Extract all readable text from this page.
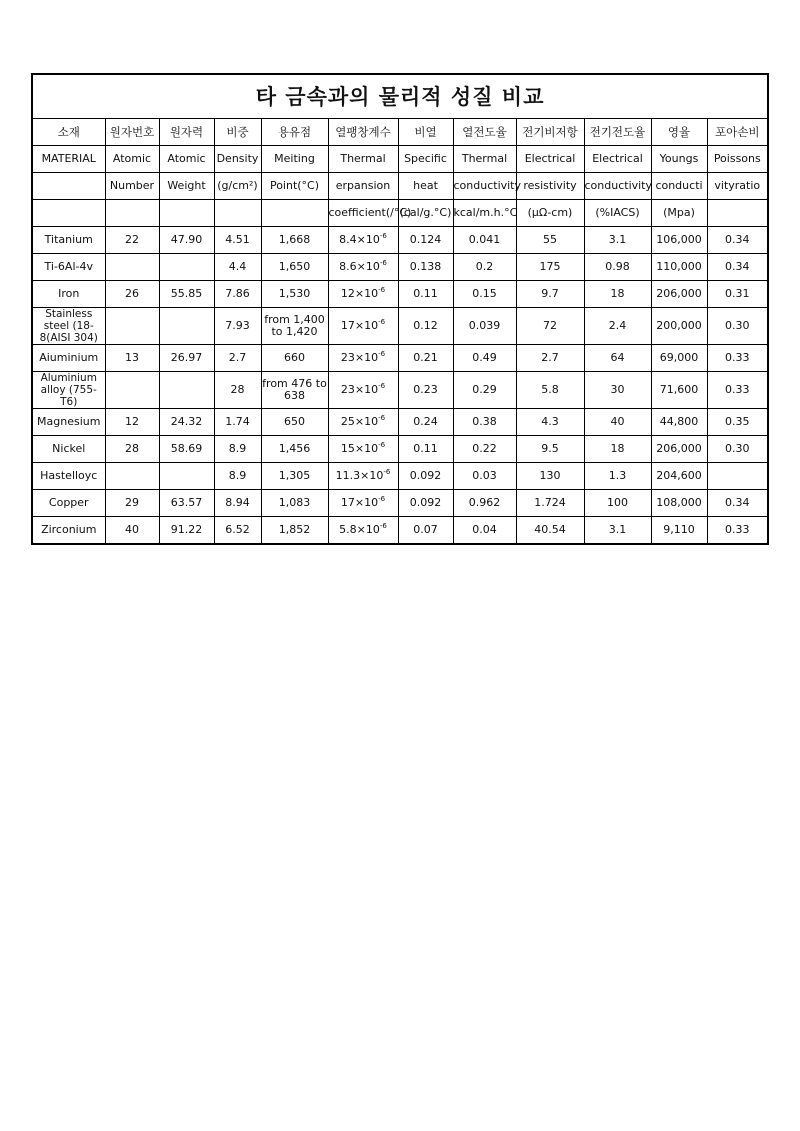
타 금속과의 물리적 성질 비교											
소재	원자번호	원자력	비중	용유점	열팽창계수	비열	열전도율	전기비저항	전기전도율	영율	포아손비
MATERIAL	Atomic	Atomic	Density	Meiting	Thermal	Specific	Thermal	Electrical	Electrical	Youngs	Poissons
	Number	Weight	(g/cm²)	Point(°C)	erpansion	heat	conductivity	resistivity	conductivity	conducti	vityratio
					coefficient(/°C)	(cal/g.°C)	kcal/m.h.°C	(μΩ-cm)	(%IACS)	(Mpa)	
Titanium	22	47.90	4.51	1,668	$8.4\times 10^{-6}$	0.124	0.041	55	3.1	106,000	0.34
Ti-6Al-4v			4.4	1,650	$8.6\times 10^{-6}$	0.138	0.2	175	0.98	110,000	0.34
Iron	26	55.85	7.86	1,530	$12\times 10^{-6}$	0.11	0.15	9.7	18	206,000	0.31
Stainless steel (18-8(AISI 304)			7.93	from 1,400 to 1,420	$17\times 10^{-6}$	0.12	0.039	72	2.4	200,000	0.30
Aiuminium	13	26.97	2.7	660	$23\times 10^{-6}$	0.21	0.49	2.7	64	69,000	0.33
Aluminium alloy (755-T6)			28	from 476 to 638	$23\times 10^{-6}$	0.23	0.29	5.8	30	71,600	0.33
Magnesium	12	24.32	1.74	650	$25\times 10^{-6}$	0.24	0.38	4.3	40	44,800	0.35
Nickel	28	58.69	8.9	1,456	$15\times 10^{-6}$	0.11	0.22	9.5	18	206,000	0.30
Hastelloyc			8.9	1,305	$11.3\times 10^{-6}$	0.092	0.03	130	1.3	204,600	
Copper	29	63.57	8.94	1,083	$17\times 10^{-6}$	0.092	0.962	1.724	100	108,000	0.34
Zirconium	40	91.22	6.52	1,852	$5.8\times 10^{-6}$	0.07	0.04	40.54	3.1	9,110	0.33
